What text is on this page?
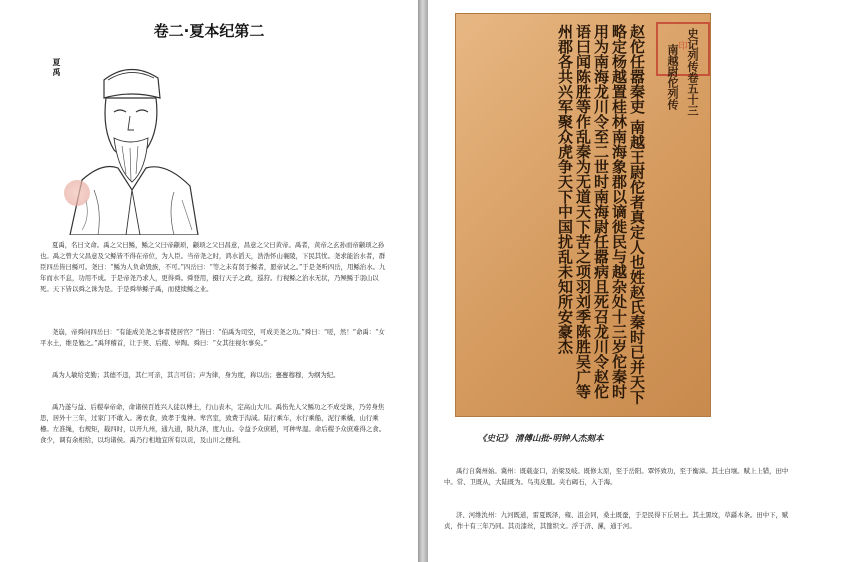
卷二·夏本纪第二
夏禹

夏禹，名曰文命。禹之父曰鲧，鲧之父曰帝颛顼，颛顼之父曰昌意，昌意之父曰黄帝。禹者，黄帝之玄孙而帝颛顼之孙也。禹之曾大父昌意及父鲧皆不得在帝位，为人臣。当帝尧之时，鸿水滔天，浩浩怀山襄陵，下民其忧。尧求能治水者，群臣四岳皆曰鲧可。尧曰：“鲧为人负命毁族，不可。”四岳曰：“等之未有贤于鲧者，愿帝试之。”于是尧听四岳，用鲧治水。九年而水不息，功用不成。于是帝尧乃求人，更得舜。舜登用，摄行天子之政，巡狩。行视鲧之治水无状，乃殛鲧于羽山以死。天下皆以舜之诛为是。于是舜举鲧子禹，而使续鲧之业。

尧崩，帝舜问四岳曰：“有能成美尧之事者使居官？”皆曰：“伯禹为司空，可成美尧之功。”舜曰：“嗟，然！”命禹：“女平水土，维是勉之。”禹拜稽首，让于契、后稷、皋陶。舜曰：“女其往视尔事矣。”

禹为人敏给克勤；其德不违，其仁可亲，其言可信；声为律，身为度，称以出；亹亹穆穆，为纲为纪。

禹乃遂与益、后稷奉帝命，命诸侯百姓兴人徒以傅土，行山表木，定高山大川。禹伤先人父鲧功之不成受诛，乃劳身焦思，居外十三年，过家门不敢入。薄衣食，致孝于鬼神。卑宫室，致费于沟淢。陆行乘车，水行乘船，泥行乘橇，山行乘檋。左准绳，右规矩，载四时，以开九州，通九道，陂九泽，度九山。令益予众庶稻，可种卑湿。命后稷予众庶难得之食。食少，调有余相给，以均诸侯。禹乃行相地宜所有以贡，及山川之便利。

印
赵佗任嚣秦吏 南越王尉佗者真定人也姓赵氏秦时已并天下略定杨越置桂林南海象郡以谪徙民与越杂处十三岁佗秦时用为南海龙川令至二世时南海尉任嚣病且死召龙川令赵佗语曰闻陈胜等作乱秦为无道天下苦之项羽刘季陈胜吴广等州郡各共兴军聚众虎争天下中国扰乱未知所安豪杰	史记列传卷五十三
南越尉佗列传
《史记》 清傅山批-明钟人杰刻本

禹行自冀州始。冀州：既载壶口，治梁及岐。既修太原，至于岳阳。覃怀致功，至于衡漳。其土白壤。赋上上错，田中中。常、卫既从，大陆既为。鸟夷皮服。夹右碣石，入于海。

济、河维沇州：九河既道，雷夏既泽，雍、沮会同，桑土既蚕，于是民得下丘居土。其土黑坟，草繇木条。田中下，赋贞，作十有三年乃同。其贡漆丝，其篚织文。浮于济、漯，通于河。
